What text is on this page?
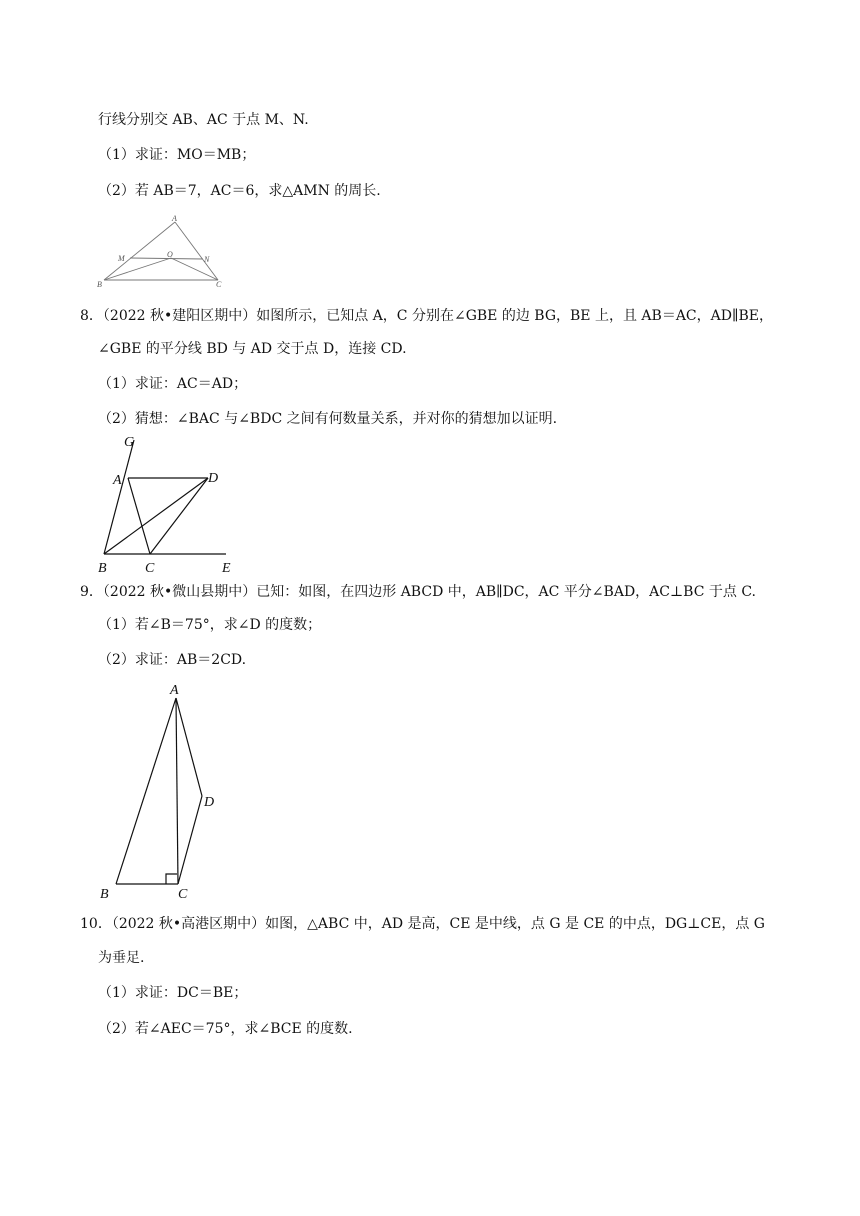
行线分别交 AB、AC 于点 M、N.
（1）求证：MO＝MB；
（2）若 AB＝7，AC＝6，求△AMN 的周长.
A
M	O
N
B	C
8．（2022 秋•建阳区期中）如图所示，已知点 A，C 分别在∠GBE 的边 BG，BE 上，且 AB＝AC，AD∥BE，
∠GBE 的平分线 BD 与 AD 交于点 D，连接 CD.
（1）求证：AC＝AD；
（2）猜想：∠BAC 与∠BDC 之间有何数量关系，并对你的猜想加以证明.
G
A	D
B	C	E
9．（2022 秋•微山县期中）已知：如图，在四边形 ABCD 中，AB∥DC，AC 平分∠BAD，AC⊥BC 于点 C.
（1）若∠B＝75°，求∠D 的度数；
（2）求证：AB＝2CD.
A
D
B	C
10．（2022 秋•高港区期中）如图，△ABC 中，AD 是高，CE 是中线，点 G 是 CE 的中点，DG⊥CE，点 G
为垂足.
（1）求证：DC＝BE；
（2）若∠AEC＝75°，求∠BCE 的度数.
